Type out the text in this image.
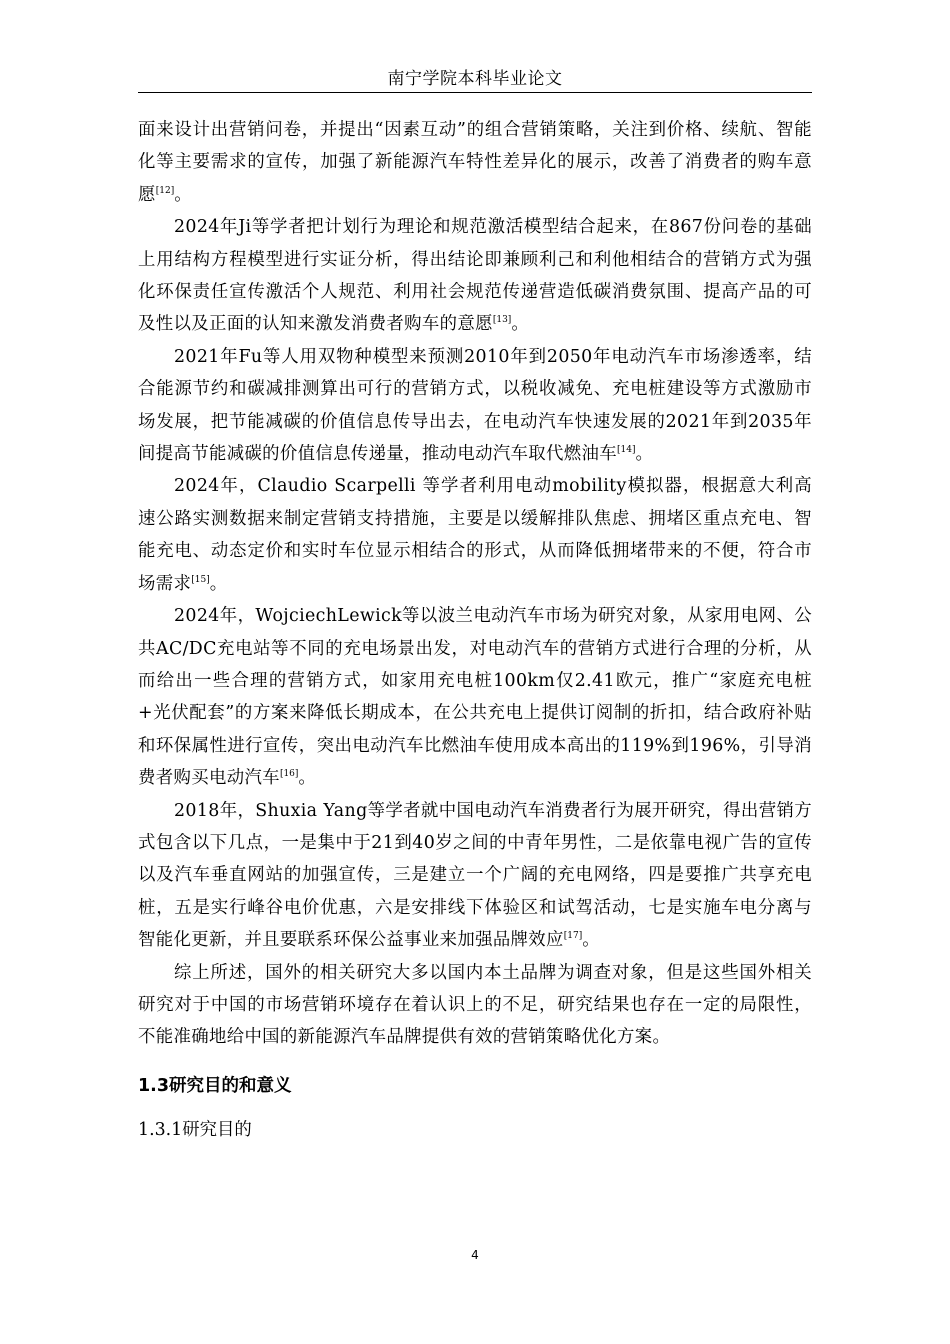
南宁学院本科毕业论文

面来设计出营销问卷，并提出“因素互动”的组合营销策略，关注到价格、续航、智能化等主要需求的宣传，加强了新能源汽车特性差异化的展示，改善了消费者的购车意愿[12]。

2024年Ji等学者把计划行为理论和规范激活模型结合起来，在867份问卷的基础上用结构方程模型进行实证分析，得出结论即兼顾利己和利他相结合的营销方式为强化环保责任宣传激活个人规范、利用社会规范传递营造低碳消费氛围、提高产品的可及性以及正面的认知来激发消费者购车的意愿[13]。

2021年Fu等人用双物种模型来预测2010年到2050年电动汽车市场渗透率，结合能源节约和碳减排测算出可行的营销方式，以税收减免、充电桩建设等方式激励市场发展，把节能减碳的价值信息传导出去，在电动汽车快速发展的2021年到2035年间提高节能减碳的价值信息传递量，推动电动汽车取代燃油车[14]。

2024年，Claudio Scarpelli 等学者利用电动mobility模拟器，根据意大利高速公路实测数据来制定营销支持措施，主要是以缓解排队焦虑、拥堵区重点充电、智能充电、动态定价和实时车位显示相结合的形式，从而降低拥堵带来的不便，符合市场需求[15]。

2024年，WojciechLewick等以波兰电动汽车市场为研究对象，从家用电网、公共AC/DC充电站等不同的充电场景出发，对电动汽车的营销方式进行合理的分析，从而给出一些合理的营销方式，如家用充电桩100km仅2.41欧元，推广“家庭充电桩+光伏配套”的方案来降低长期成本，在公共充电上提供订阅制的折扣，结合政府补贴和环保属性进行宣传，突出电动汽车比燃油车使用成本高出的119%到196%，引导消费者购买电动汽车[16]。

2018年，Shuxia Yang等学者就中国电动汽车消费者行为展开研究，得出营销方式包含以下几点，一是集中于21到40岁之间的中青年男性，二是依靠电视广告的宣传以及汽车垂直网站的加强宣传，三是建立一个广阔的充电网络，四是要推广共享充电桩，五是实行峰谷电价优惠，六是安排线下体验区和试驾活动，七是实施车电分离与智能化更新，并且要联系环保公益事业来加强品牌效应[17]。

综上所述，国外的相关研究大多以国内本土品牌为调查对象，但是这些国外相关研究对于中国的市场营销环境存在着认识上的不足，研究结果也存在一定的局限性，不能准确地给中国的新能源汽车品牌提供有效的营销策略优化方案。

1.3研究目的和意义
1.3.1研究目的
4
